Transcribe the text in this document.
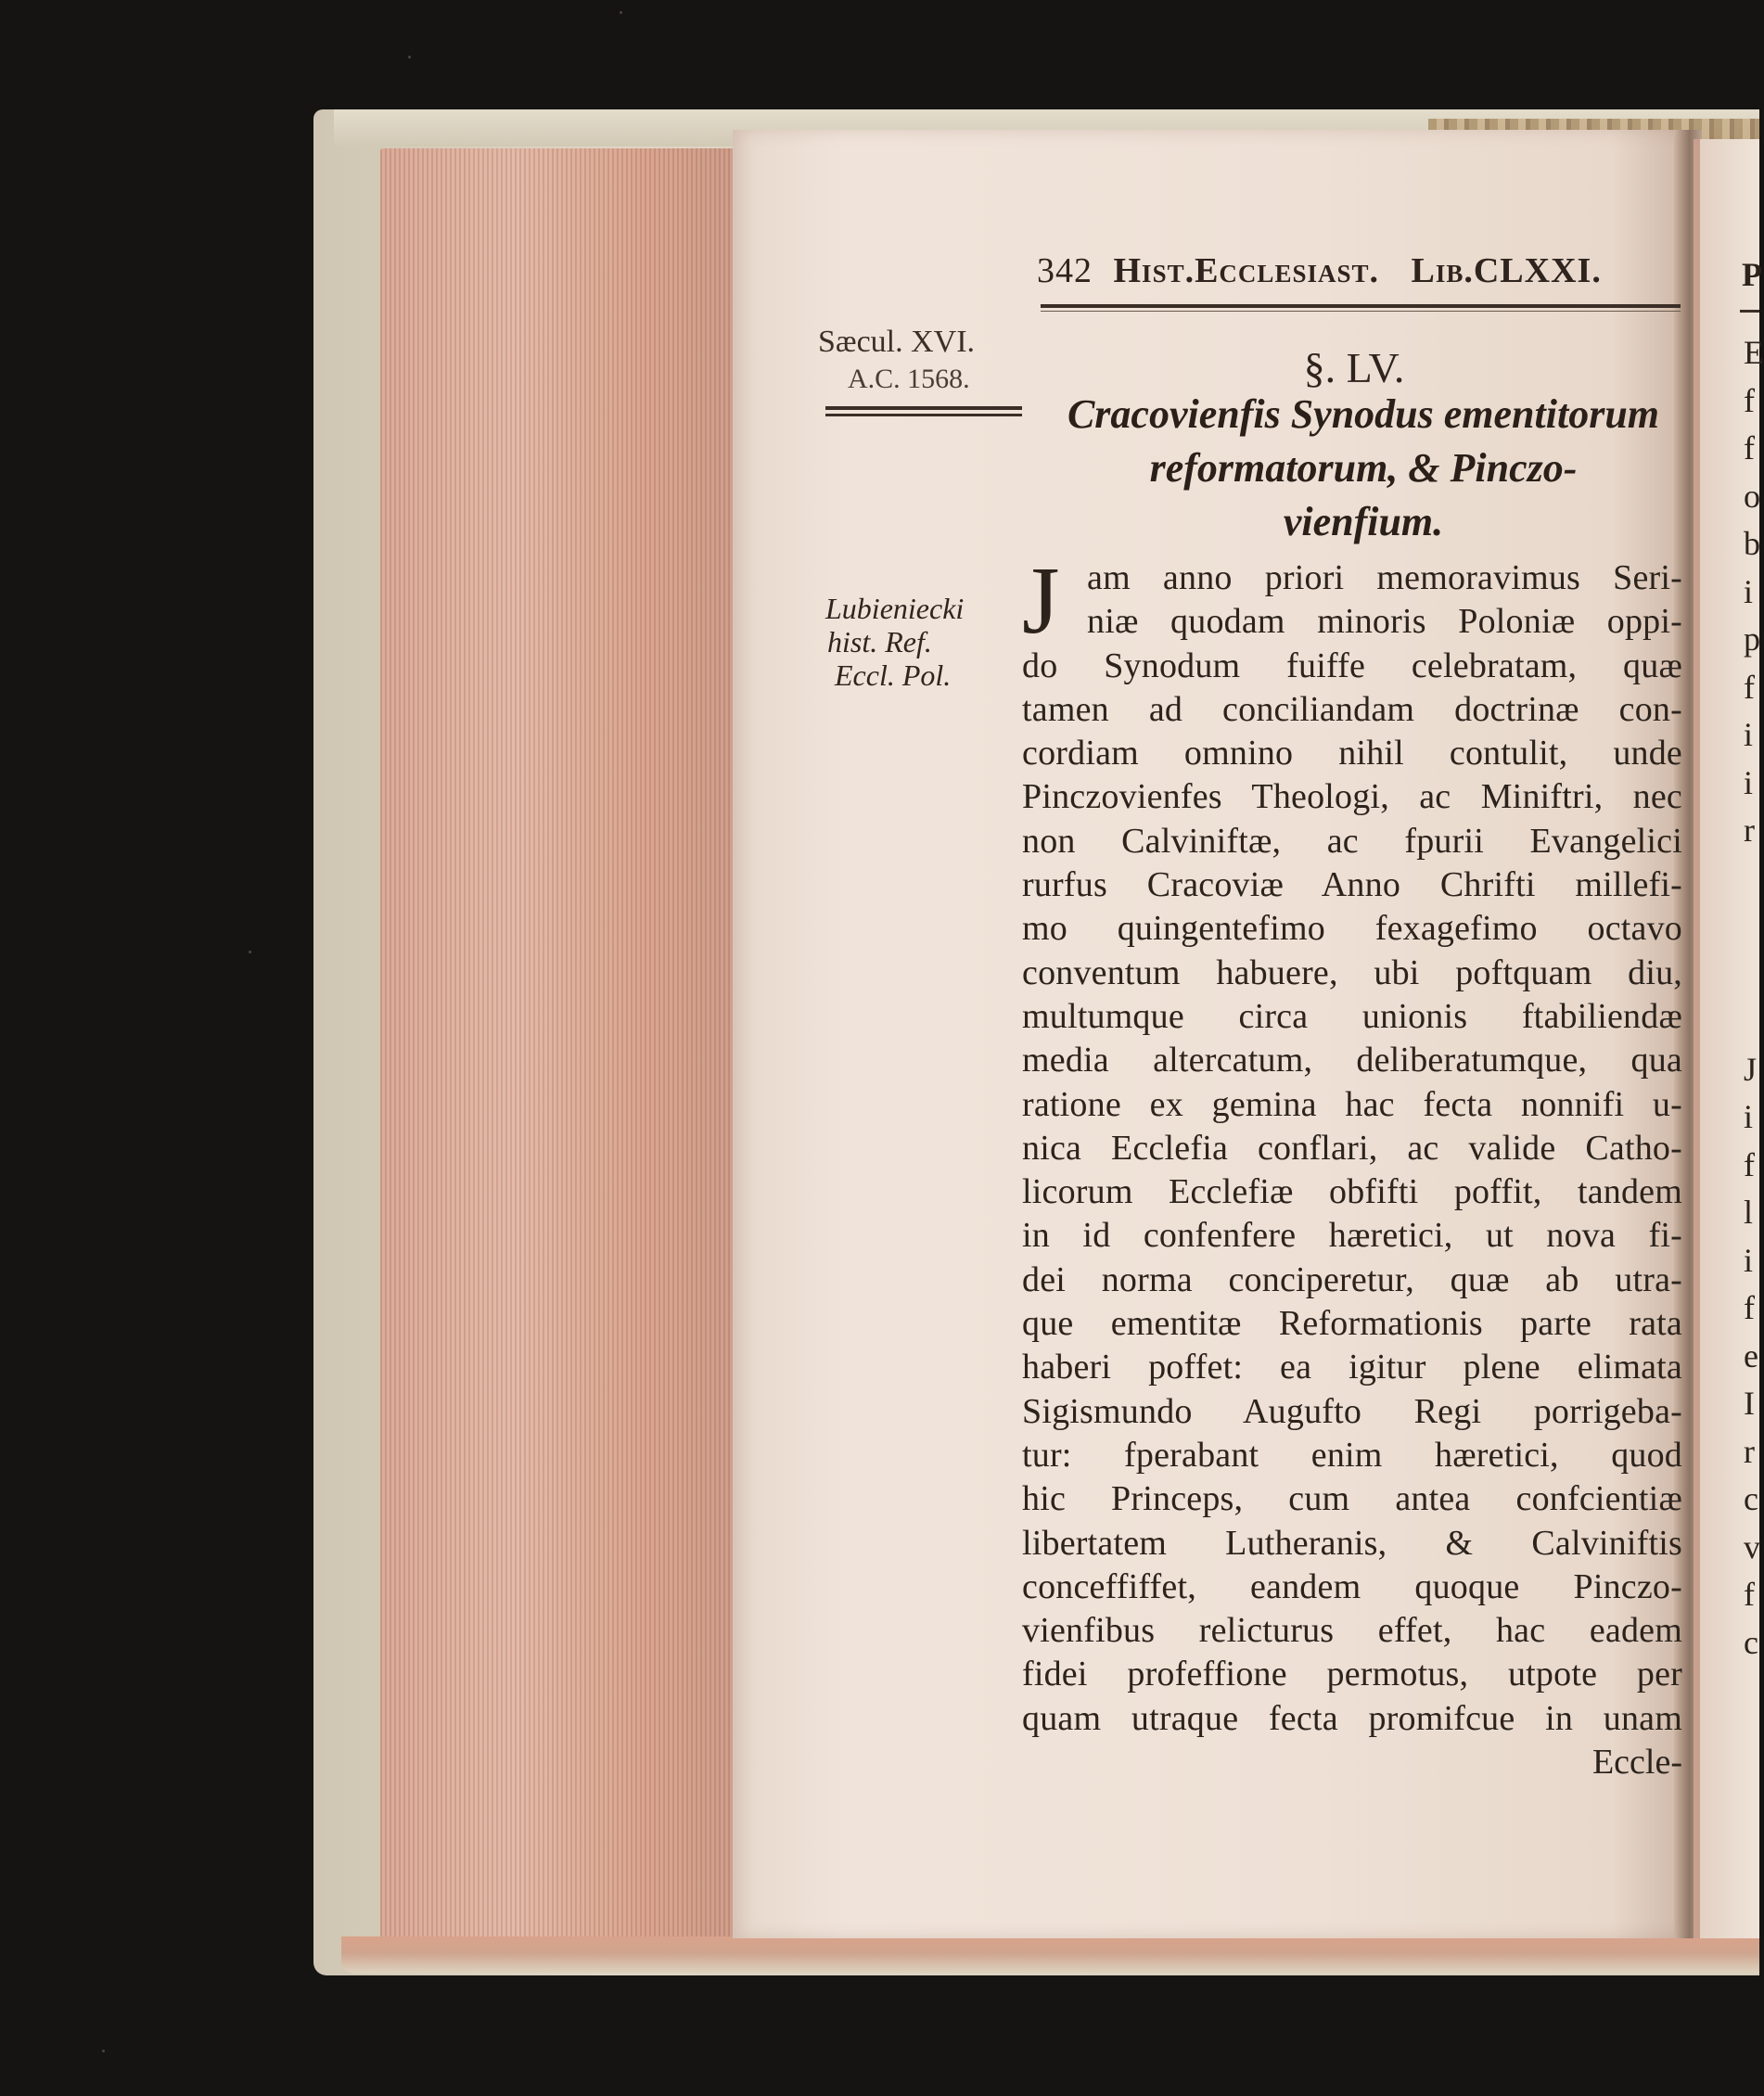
342 Hist.Ecclesiast. Lib.CLXXI.
Sæcul. XVI.
A.C. 1568.
Lubieniecki
hist. Ref.
Eccl. Pol.
§. LV.
Cracovienfis Synodus ementitorum
reformatorum, & Pinczo-
vienfium.
J am anno priori memoravimus Seri-
niæ quodam minoris Poloniæ oppi-
do Synodum fuiffe celebratam, quæ
tamen ad conciliandam doctrinæ con-
cordiam omnino nihil contulit, unde
Pinczovienfes Theologi, ac Miniftri, nec
non Calviniftæ, ac fpurii Evangelici
rurfus Cracoviæ Anno Chrifti millefi-
mo quingentefimo fexagefimo octavo
conventum habuere, ubi poftquam diu,
multumque circa unionis ftabiliendæ
media altercatum, deliberatumque, qua
ratione ex gemina hac fecta nonnifi u-
nica Ecclefia conflari, ac valide Catho-
licorum Ecclefiæ obfifti poffit, tandem
in id confenfere hæretici, ut nova fi-
dei norma conciperetur, quæ ab utra-
que ementitæ Reformationis parte rata
haberi poffet: ea igitur plene elimata
Sigismundo Augufto Regi porrigeba-
tur: fperabant enim hæretici, quod
hic Princeps, cum antea confcientiæ
libertatem Lutheranis, & Calviniftis
conceffiffet, eandem quoque Pinczo-
vienfibus relicturus effet, hac eadem
fidei profeffione permotus, utpote per
quam utraque fecta promifcue in unam
Eccle-
P
E
f
f
o
b
i
p
f
i
i
r

J
i
f
l
i
f
e
I
r
c
v
f
c
